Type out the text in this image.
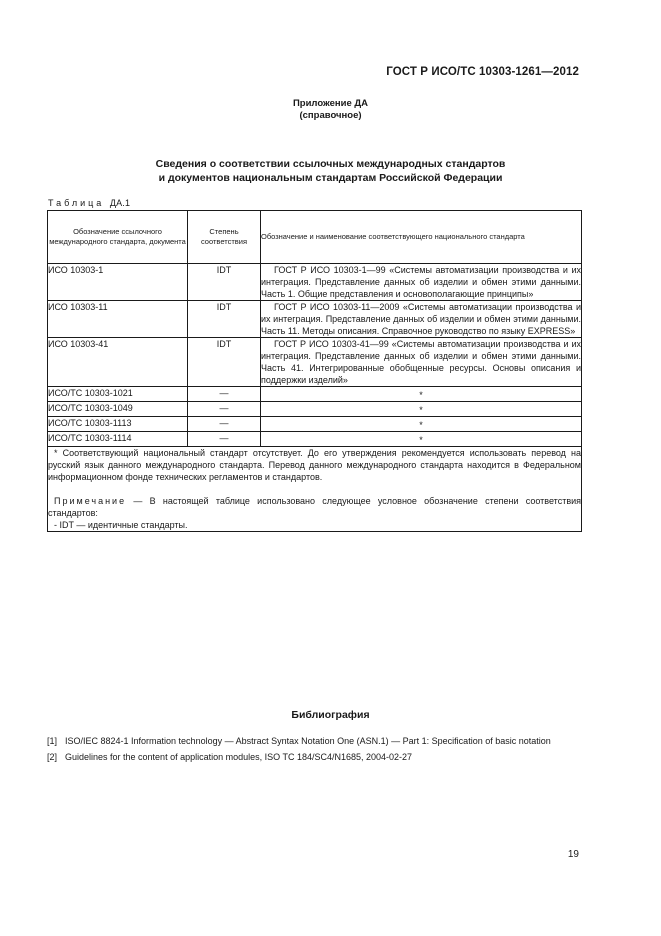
ГОСТ Р ИСО/ТС 10303-1261—2012
Приложение ДА
(справочное)
Сведения о соответствии ссылочных международных стандартов
и документов национальным стандартам Российской Федерации
Таблица ДА.1
Обозначение ссылочного международного стандарта, документа	Степень соответствия	Обозначение и наименование соответствующего национального стандарта
ИСО 10303-1	IDT	ГОСТ Р ИСО 10303-1—99 «Системы автоматизации производства и их интеграция. Представление данных об изделии и обмен этими данными. Часть 1. Общие представления и основополагающие принципы»
ИСО 10303-11	IDT	ГОСТ Р ИСО 10303-11—2009 «Системы автоматизации производства и их интеграция. Представление данных об изделии и обмен этими данными. Часть 11. Методы описания. Справочное руководство по языку EXPRESS»
ИСО 10303-41	IDT	ГОСТ Р ИСО 10303-41—99 «Системы автоматизации производства и их интеграция. Представление данных об изделии и обмен этими данными. Часть 41. Интегрированные обобщенные ресурсы. Основы описания и поддержки изделий»
ИСО/ТС 10303-1021	—	*
ИСО/ТС 10303-1049	—	*
ИСО/ТС 10303-1113	—	*
ИСО/ТС 10303-1114	—	*

* Соответствующий национальный стандарт отсутствует. До его утверждения рекомендуется использовать перевод на русский язык данного международного стандарта. Перевод данного международного стандарта находится в Федеральном информационном фонде технических регламентов и стандартов.

Примечание — В настоящей таблице использовано следующее условное обозначение степени соответствия стандартов:

- IDT — идентичные стандарты.		

Библиография
[1] ISO/IEC 8824-1 Information technology — Abstract Syntax Notation One (ASN.1) — Part 1: Specification of basic notation
[2] Guidelines for the content of application modules, ISO TC 184/SC4/N1685, 2004-02-27
19
